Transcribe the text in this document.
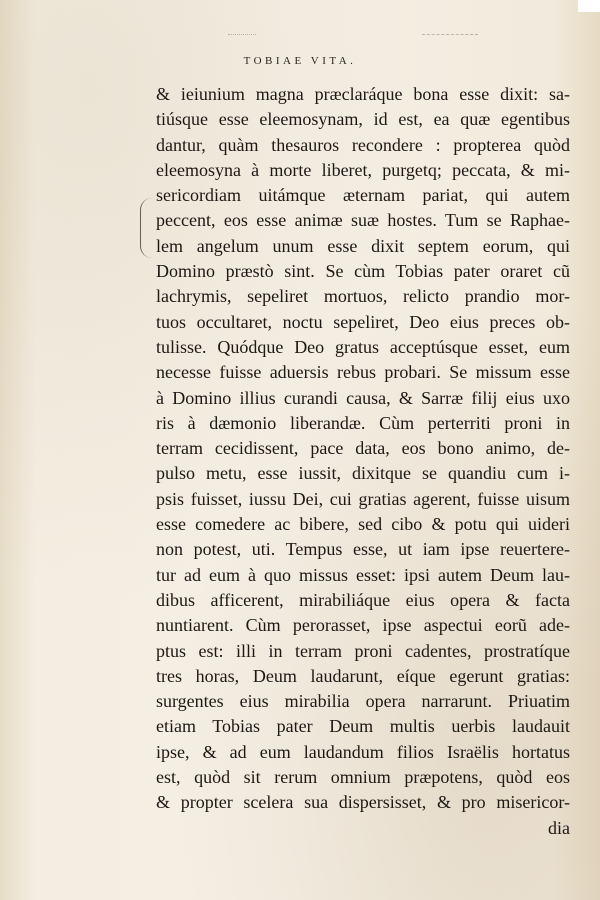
TOBIAE VITA.
& ieiunium magna præclaráque bona esse dixit: sa-
tiúsque esse eleemosynam, id est, ea quæ egentibus
dantur, quàm thesauros recondere : propterea quòd
eleemosyna à morte liberet, purgetq; peccata, & mi-
sericordiam uitámque æternam pariat, qui autem
peccent, eos esse animæ suæ hostes. Tum se Raphae-
lem angelum unum esse dixit septem eorum, qui
Domino præstò sint. Se cùm Tobias pater oraret cũ
lachrymis, sepeliret mortuos, relicto prandio mor-
tuos occultaret, noctu sepeliret, Deo eius preces ob-
tulisse. Quódque Deo gratus acceptúsque esset, eum
necesse fuisse aduersis rebus probari. Se missum esse
à Domino illius curandi causa, & Sarræ filij eius uxo
ris à dæmonio liberandæ. Cùm perterriti proni in
terram cecidissent, pace data, eos bono animo, de-
pulso metu, esse iussit, dixitque se quandiu cum i-
psis fuisset, iussu Dei, cui gratias agerent, fuisse uisum
esse comedere ac bibere, sed cibo & potu qui uideri
non potest, uti. Tempus esse, ut iam ipse reuertere-
tur ad eum à quo missus esset: ipsi autem Deum lau-
dibus afficerent, mirabiliáque eius opera & facta
nuntiarent. Cùm perorasset, ipse aspectui eorũ ade-
ptus est: illi in terram proni cadentes, prostratíque
tres horas, Deum laudarunt, eíque egerunt gratias:
surgentes eius mirabilia opera narrarunt. Priuatim
etiam Tobias pater Deum multis uerbis laudauit
ipse, & ad eum laudandum filios Israëlis hortatus
est, quòd sit rerum omnium præpotens, quòd eos
& propter scelera sua dispersisset, & pro misericor-
dia
